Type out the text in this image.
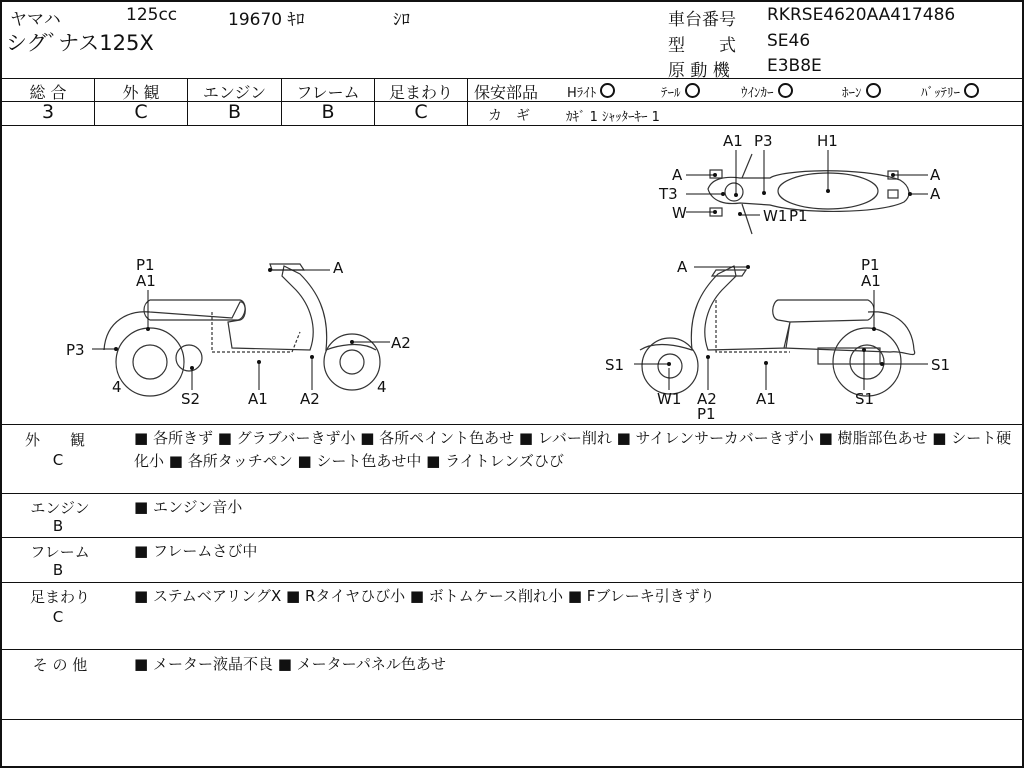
ヤマハ	125cc	19670 ｷﾛ	ｼﾛ
シグﾞナス125X
車台番号 RKRSE4620AA417486
型　　式 SE46
原 動 機 E3B8E
総 合	外 観	エンジン	フレーム	足まわり
3	C	B	B	C
保安部品 Hﾗｲﾄ	ﾃｰﾙ	ｳｲﾝｶｰ	ﾎｰﾝ	ﾊﾞｯﾃﾘｰ
カ　ギ	ｶｷﾞ 1 ｼｬｯﾀｰｷｰ 1
A1 P3	H1
A
T3
W	W1 P1
A
A
P1
A1
A
A2
P3
4
S2	A1 A2
4
A	P1
A1
S1	S1
W1 A2
P1
A1	S1
外　　観
C
■ 各所きず ■ グラブバーきず小 ■ 各所ペイント色あせ ■ レバー削れ ■ サイレンサーカバーきず小 ■ 樹脂部色あせ ■ シート硬化小 ■ 各所タッチペン ■ シート色あせ中 ■ ライトレンズひび
エンジン
B
■ エンジン音小
フレーム
B
■ フレームさび中
足まわり
C
■ ステムベアリングX ■ Rタイヤひび小 ■ ボトムケース削れ小 ■ Fブレーキ引きずり
そ の 他	■ メーター液晶不良 ■ メーターパネル色あせ
